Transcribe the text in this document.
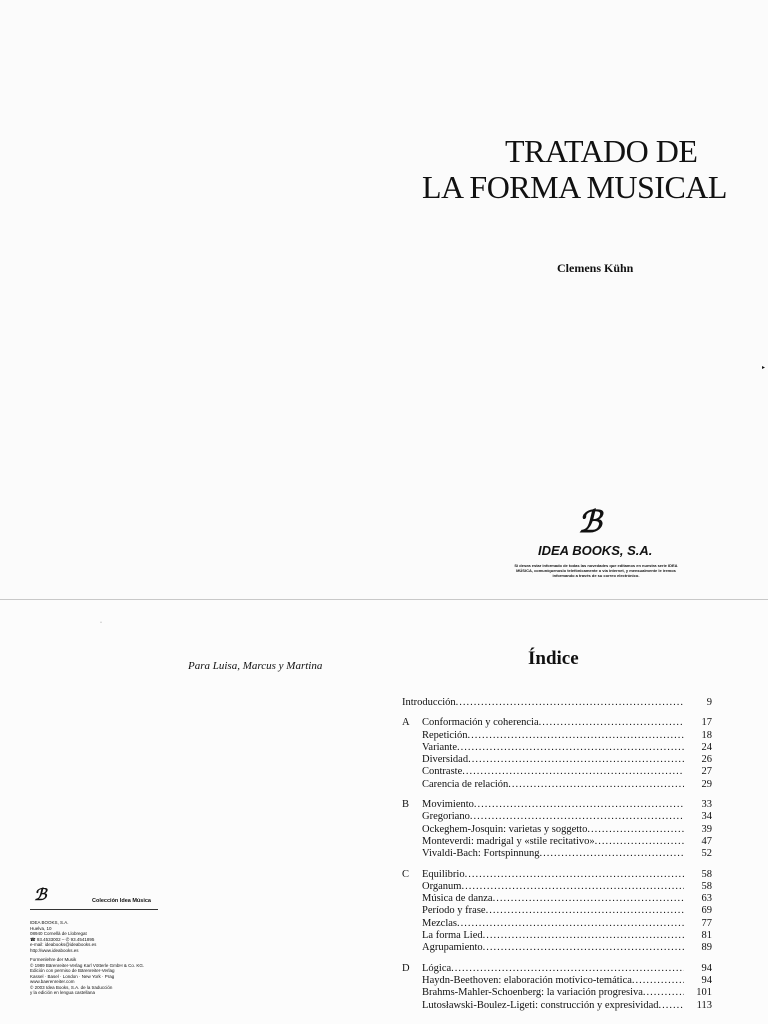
TRATADO DE
LA FORMA MUSICAL
Clemens Kühn
ℬ
IDEA BOOKS, S.A.
Si desea estar informado de todas las novedades que editamos en nuestra serie IDEA MÚSICA, comuníquenoslo telefónicamente o vía internet, y mensualmente le iremos informando a través de su correo electrónico.
▸
·
Para Luisa, Marcus y Martina
ℬ	Colección Idea Música
IDEA BOOKS, S.A.
Huelva, 10
08940 Cornellà de Llobregat
☎ 93.4533002 – ✆ 93.4541895
e-mail: ideabooks@ideabooks.es
http://www.ideabooks.es
Formenlehre der Musik
© 1989 Bärenreiter-Verlag Karl Vötterle GmbH & Co. KG.
Edición con permiso de Bärenreiter-Verlag
Kassel · Basel · London · New York · Prag
www.baerenreiter.com
© 2003 Idea Books, S.A. de la traducción
y la edición en lengua castellana
Índice
Introducción .....	9
A	Conformación y coherencia .....	17
Repetición .....	18
Variante .....	24
Diversidad .....	26
Contraste .....	27
Carencia de relación .....	29
B	Movimiento .....	33
Gregoriano .....	34
Ockeghem-Josquin: varietas y soggetto .....	39
Monteverdi: madrigal y «stile recitativo» .....	47
Vivaldi-Bach: Fortspinnung .....	52
C	Equilibrio .....	58
Organum .....	58
Música de danza .....	63
Período y frase .....	69
Mezclas .....	77
La forma Lied .....	81
Agrupamiento .....	89
D	Lógica .....	94
Haydn-Beethoven: elaboración motívico-temática .....	94
Brahms-Mahler-Schoenberg: la variación progresiva .....	101
Lutosławski-Boulez-Ligeti: construcción y expresividad .....	113
